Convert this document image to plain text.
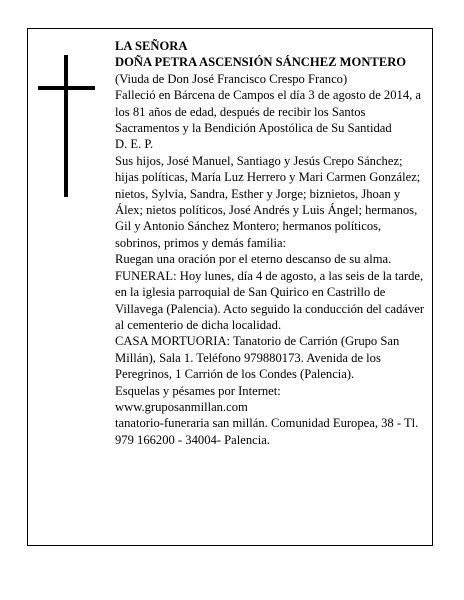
LA SEÑORA

DOÑA PETRA ASCENSIÓN SÁNCHEZ MONTERO

(Viuda de Don José Francisco Crespo Franco)

Falleció en Bárcena de Campos el día 3 de agosto de 2014, a los 81 años de edad, después de recibir los Santos Sacramentos y la Bendición Apostólica de Su Santidad

D. E. P.

Sus hijos, José Manuel, Santiago y Jesús Crepo Sánchez; hijas políticas, María Luz Herrero y Mari Carmen González; nietos, Sylvia, Sandra, Esther y Jorge; biznietos, Jhoan y Álex; nietos políticos, José Andrés y Luis Ángel; hermanos, Gil y Antonio Sánchez Montero; hermanos políticos, sobrinos, primos y demás familia:

Ruegan una oración por el eterno descanso de su alma.

FUNERAL: Hoy lunes, día 4 de agosto, a las seis de la tarde, en la iglesia parroquial de San Quirico en Castrillo de Villavega (Palencia). Acto seguido la conducción del cadáver al cementerio de dicha localidad.

CASA MORTUORIA: Tanatorio de Carrión (Grupo San Millán), Sala 1. Teléfono 979880173. Avenida de los Peregrinos, 1 Carrión de los Condes (Palencia).

Esquelas y pésames por Internet:

www.gruposanmillan.com

tanatorio-funeraria san millán. Comunidad Europea, 38 - Tl. 979 166200 - 34004- Palencia.
